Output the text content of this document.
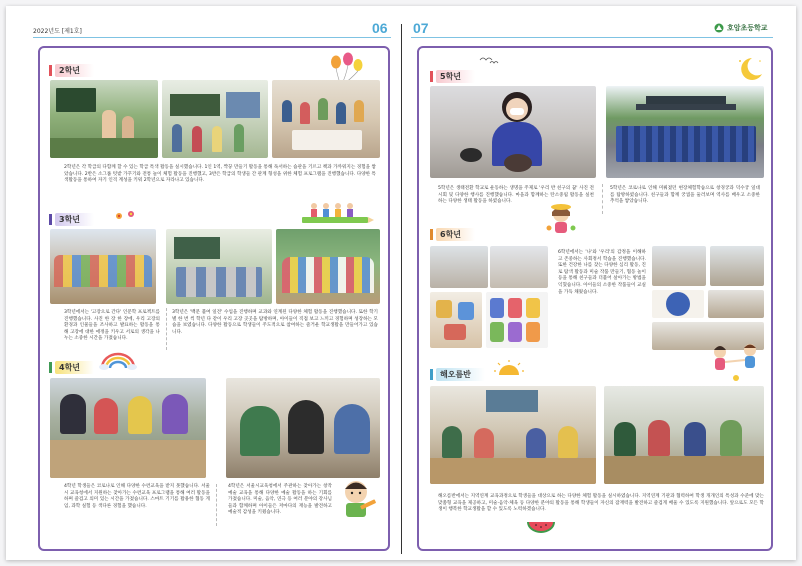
2022년도 [제1호]	06 07	호암초등학교
2학년
2학년은 각 학급의 다함께 할 수 있는 학급 특색 활동을 실시했습니다. 1인 1역, 짝꿍 만들기 활동을 통해 독서하는 습관을 기르고 책과 가까워지는 경험을 쌓았습니다. 2반은 소그룹 텃밭 가꾸기와 전통 놀이 체험 활동을 진행했고, 3반은 학급의 학생들 간 관계 형성을 위한 체험 프로그램을 진행했습니다. 다양한 특색활동을 통하여 자기 인격 계성을 키워 2학년으로 자라나고 있습니다.
3학년
3학년에서는 '고장으로 간다' 인문학 프로젝트를 진행했습니다. 사진 한 장 한 장에, 우리 고장의 환경과 인물들을 조사하고 발표하는 활동을 통해 고장에 대한 애정을 키우고 서로의 생각을 나누는 소중한 시간을 가졌습니다.
3학년은 '백문 불여 일견' 수업을 진행하며 교과와 연계된 다양한 체험 활동을 진행했습니다. 또한 학기별 한 번 씩 학년 다 같이 우리 고장 곳곳을 탐방하며, 아이들이 직접 보고 느끼고 경험하며 성장하는 모습을 보였습니다. 다양한 활동으로 학생들이 주도적으로 참여하는 즐거운 학교생활을 만들어가고 있습니다.
4학년
4학년 학생들은 코로나로 인해 다양한 수련교육을 받지 못했습니다. 서울시 교육청에서 지원하는 찾아가는 수련교육 프로그램을 통해 여러 활동을 하며 즐겁고 의미 있는 시간을 가졌습니다. 스마트 기기를 활용한 협동 게임, 과학 실험 등 색다른 경험을 했습니다.
4학년은 서울시교육청에서 주관하는 찾아가는 창작예술 교육을 통해 다양한 예술 활동을 하는 기회를 가졌습니다. 미술, 음악, 연극 등 여러 분야의 강사님들과 함께하며 아이들은 저마다의 재능을 발견하고 예술적 감성을 키웠습니다.
5학년
5학년은 생태전환 학교로 운동하는 생명을 주제로 '우리 반 친구의 꿈' 사진 전시회 및 다양한 행사를 진행했습니다. 마을과 함께하는 탄소중립 활동을 실천하는 다양한 생태 활동을 하였습니다.
5학년은 코로나로 인해 미뤄졌던 현장체험학습으로 창경궁과 덕수궁 일대를 탐방하였습니다. 친구들과 함께 궁궐을 둘러보며 역사를 배우고 소중한 추억을 쌓았습니다.
6학년
6학년에서는 '나'와 '우리'의 감정을 이해하고 존중하는 사회정서 학습을 진행했습니다. 또한 건강한 나를 찾는 다양한 심리 활동, 진로 탐색 활동과 미술 작품 만들기, 협동 놀이 등을 통해 친구들과 더불어 살아가는 방법을 익혔습니다. 아이들의 소중한 작품들이 교실을 가득 채웠습니다.
해오름반
해오름반에서는 지역연계 교육과정으로 학생들을 대상으로 하는 다양한 체험 활동을 실시하였습니다. 지역연계 기관과 협력하여 학생 개개인의 특성과 수준에 맞는 맞춤형 교육을 제공하고, 미술·음악·체육 등 다양한 분야의 활동을 통해 학생들이 자신의 잠재력을 발견하고 즐겁게 배울 수 있도록 지원했습니다. 앞으로도 모든 학생이 행복한 학교생활을 할 수 있도록 노력하겠습니다.
